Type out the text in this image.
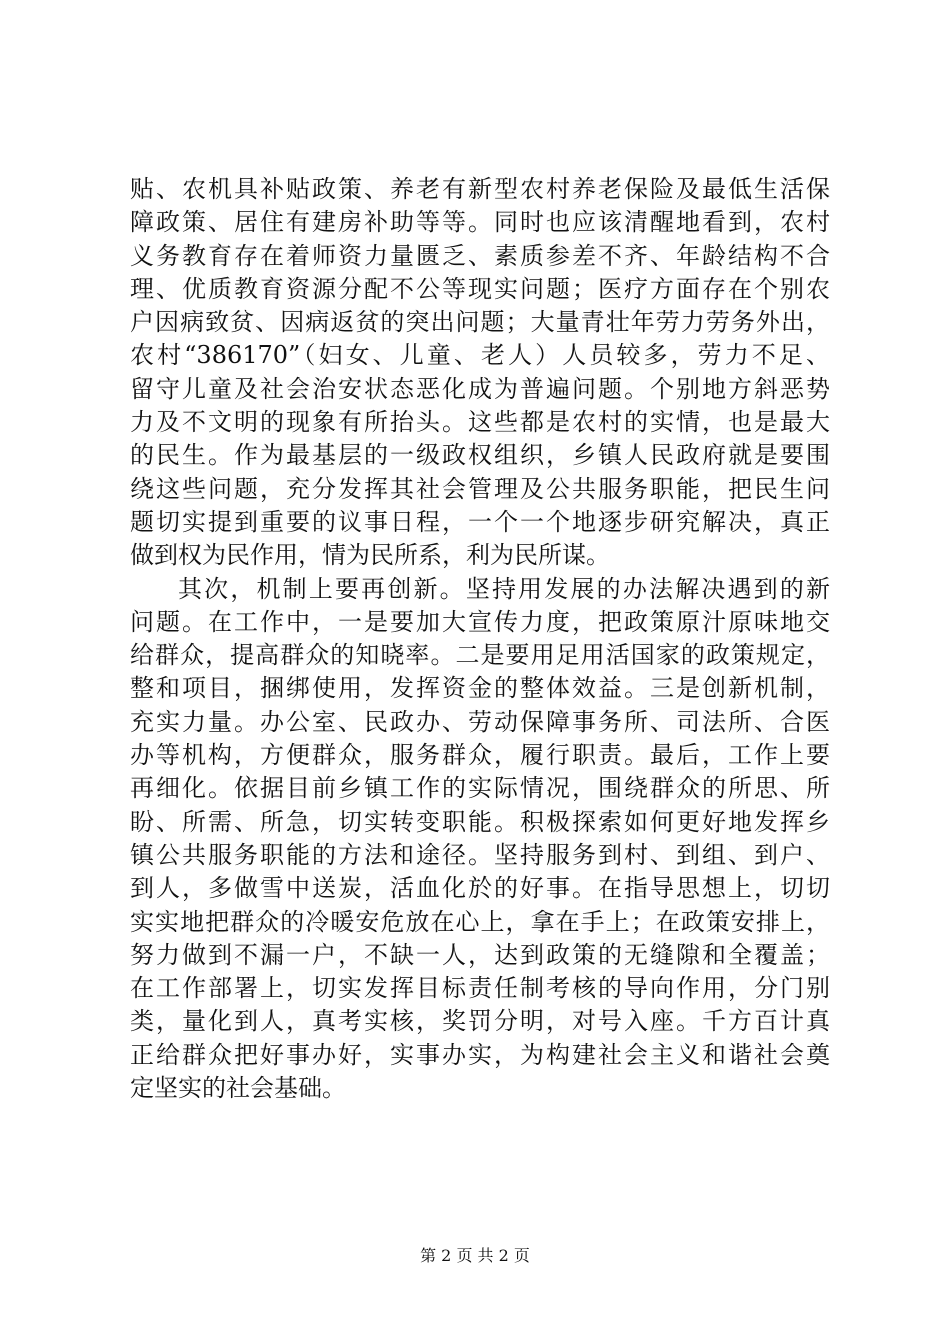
贴、农机具补贴政策、养老有新型农村养老保险及最低生活保
障政策、居住有建房补助等等。同时也应该清醒地看到，农村
义务教育存在着师资力量匮乏、素质参差不齐、年龄结构不合
理、优质教育资源分配不公等现实问题；医疗方面存在个别农
户因病致贫、因病返贫的突出问题；大量青壮年劳力劳务外出，
农村“386170”（妇女、儿童、老人）人员较多，劳力不足、
留守儿童及社会治安状态恶化成为普遍问题。个别地方斜恶势
力及不文明的现象有所抬头。这些都是农村的实情，也是最大
的民生。作为最基层的一级政权组织，乡镇人民政府就是要围
绕这些问题，充分发挥其社会管理及公共服务职能，把民生问
题切实提到重要的议事日程，一个一个地逐步研究解决，真正
做到权为民作用，情为民所系，利为民所谋。
其次，机制上要再创新。坚持用发展的办法解决遇到的新
问题。在工作中，一是要加大宣传力度，把政策原汁原味地交
给群众，提高群众的知晓率。二是要用足用活国家的政策规定，
整和项目，捆绑使用，发挥资金的整体效益。三是创新机制，
充实力量。办公室、民政办、劳动保障事务所、司法所、合医
办等机构，方便群众，服务群众，履行职责。最后，工作上要
再细化。依据目前乡镇工作的实际情况，围绕群众的所思、所
盼、所需、所急，切实转变职能。积极探索如何更好地发挥乡
镇公共服务职能的方法和途径。坚持服务到村、到组、到户、
到人，多做雪中送炭，活血化於的好事。在指导思想上，切切
实实地把群众的冷暖安危放在心上，拿在手上；在政策安排上，
努力做到不漏一户，不缺一人，达到政策的无缝隙和全覆盖；
在工作部署上，切实发挥目标责任制考核的导向作用，分门别
类，量化到人，真考实核，奖罚分明，对号入座。千方百计真
正给群众把好事办好，实事办实，为构建社会主义和谐社会奠
定坚实的社会基础。
第 2 页 共 2 页
